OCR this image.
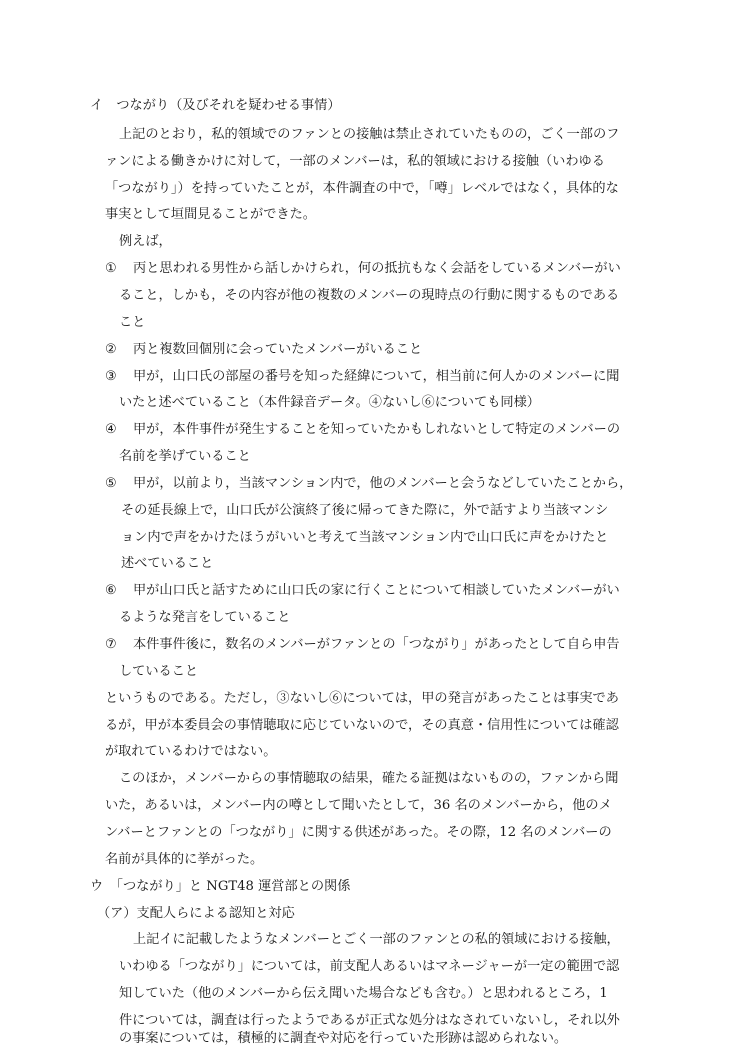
イ　つながり（及びそれを疑わせる事情）
上記のとおり，私的領域でのファンとの接触は禁止されていたものの，ごく一部のフ
ァンによる働きかけに対して，一部のメンバーは，私的領域における接触（いわゆる
「つながり」）を持っていたことが，本件調査の中で，「噂」レベルではなく，具体的な
事実として垣間見ることができた。
例えば，
① 丙と思われる男性から話しかけられ，何の抵抗もなく会話をしているメンバーがい
ること，しかも，その内容が他の複数のメンバーの現時点の行動に関するものである
こと
② 丙と複数回個別に会っていたメンバーがいること
③ 甲が，山口氏の部屋の番号を知った経緯について，相当前に何人かのメンバーに聞
いたと述べていること（本件録音データ。④ないし⑥についても同様）
④ 甲が，本件事件が発生することを知っていたかもしれないとして特定のメンバーの
名前を挙げていること
⑤ 甲が，以前より，当該マンション内で，他のメンバーと会うなどしていたことから，
その延長線上で，山口氏が公演終了後に帰ってきた際に，外で話すより当該マンシ
ョン内で声をかけたほうがいいと考えて当該マンション内で山口氏に声をかけたと
述べていること
⑥ 甲が山口氏と話すために山口氏の家に行くことについて相談していたメンバーがい
るような発言をしていること
⑦ 本件事件後に，数名のメンバーがファンとの「つながり」があったとして自ら申告
していること
というものである。ただし，③ないし⑥については，甲の発言があったことは事実であ
るが，甲が本委員会の事情聴取に応じていないので，その真意・信用性については確認
が取れているわけではない。
このほか，メンバーからの事情聴取の結果，確たる証拠はないものの，ファンから聞
いた，あるいは，メンバー内の噂として聞いたとして，36 名のメンバーから，他のメ
ンバーとファンとの「つながり」に関する供述があった。その際，12 名のメンバーの
名前が具体的に挙がった。
ウ　「つながり」と NGT48 運営部との関係
（ア）支配人らによる認知と対応
上記イに記載したようなメンバーとごく一部のファンとの私的領域における接触，
いわゆる「つながり」については，前支配人あるいはマネージャーが一定の範囲で認
知していた（他のメンバーから伝え聞いた場合なども含む。）と思われるところ，1
件については，調査は行ったようであるが正式な処分はなされていないし，それ以外
の事案については，積極的に調査や対応を行っていた形跡は認められない。
